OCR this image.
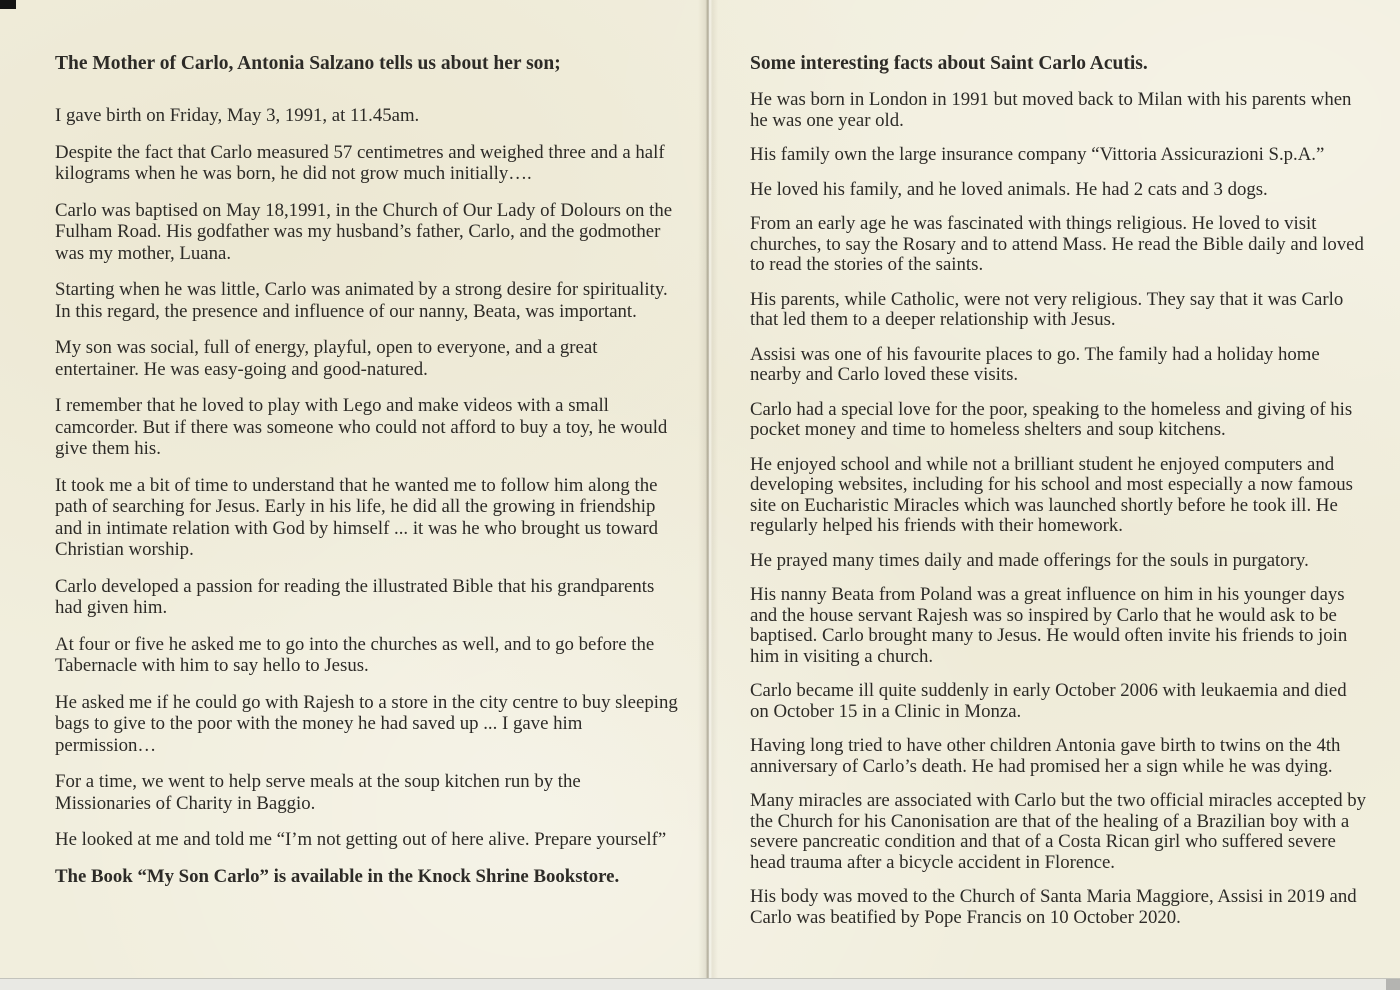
The Mother of Carlo, Antonia Salzano tells us about her son;

I gave birth on Friday, May 3, 1991, at 11.45am.

Despite the fact that Carlo measured 57 centimetres and weighed three and a half kilograms when he was born, he did not grow much initially….

Carlo was baptised on May 18,1991, in the Church of Our Lady of Dolours on the Fulham Road. His godfather was my husband’s father, Carlo, and the godmother was my mother, Luana.

Starting when he was little, Carlo was animated by a strong desire for spirituality. In this regard, the presence and influence of our nanny, Beata, was important.

My son was social, full of energy, playful, open to everyone, and a great entertainer. He was easy-going and good-natured.

I remember that he loved to play with Lego and make videos with a small camcorder. But if there was someone who could not afford to buy a toy, he would give them his.

It took me a bit of time to understand that he wanted me to follow him along the path of searching for Jesus. Early in his life, he did all the growing in friendship and in intimate relation with God by himself ... it was he who brought us toward Christian worship.

Carlo developed a passion for reading the illustrated Bible that his grandparents had given him.

At four or five he asked me to go into the churches as well, and to go before the Tabernacle with him to say hello to Jesus.

He asked me if he could go with Rajesh to a store in the city centre to buy sleeping bags to give to the poor with the money he had saved up ... I gave him permission…

For a time, we went to help serve meals at the soup kitchen run by the Missionaries of Charity in Baggio.

He looked at me and told me “I’m not getting out of here alive. Prepare yourself”

The Book “My Son Carlo” is available in the Knock Shrine Bookstore.

Some interesting facts about Saint Carlo Acutis.

He was born in London in 1991 but moved back to Milan with his parents when he was one year old.

His family own the large insurance company “Vittoria Assicurazioni S.p.A.”

He loved his family, and he loved animals. He had 2 cats and 3 dogs.

From an early age he was fascinated with things religious. He loved to visit churches, to say the Rosary and to attend Mass. He read the Bible daily and loved to read the stories of the saints.

His parents, while Catholic, were not very religious. They say that it was Carlo that led them to a deeper relationship with Jesus.

Assisi was one of his favourite places to go. The family had a holiday home nearby and Carlo loved these visits.

Carlo had a special love for the poor, speaking to the homeless and giving of his pocket money and time to homeless shelters and soup kitchens.

He enjoyed school and while not a brilliant student he enjoyed computers and developing websites, including for his school and most especially a now famous site on Eucharistic Miracles which was launched shortly before he took ill. He regularly helped his friends with their homework.

He prayed many times daily and made offerings for the souls in purgatory.

His nanny Beata from Poland was a great influence on him in his younger days and the house servant Rajesh was so inspired by Carlo that he would ask to be baptised. Carlo brought many to Jesus. He would often invite his friends to join him in visiting a church.

Carlo became ill quite suddenly in early October 2006 with leukaemia and died on October 15 in a Clinic in Monza.

Having long tried to have other children Antonia gave birth to twins on the 4th anniversary of Carlo’s death. He had promised her a sign while he was dying.

Many miracles are associated with Carlo but the two official miracles accepted by the Church for his Canonisation are that of the healing of a Brazilian boy with a severe pancreatic condition and that of a Costa Rican girl who suffered severe head trauma after a bicycle accident in Florence.

His body was moved to the Church of Santa Maria Maggiore, Assisi in 2019 and Carlo was beatified by Pope Francis on 10 October 2020.
